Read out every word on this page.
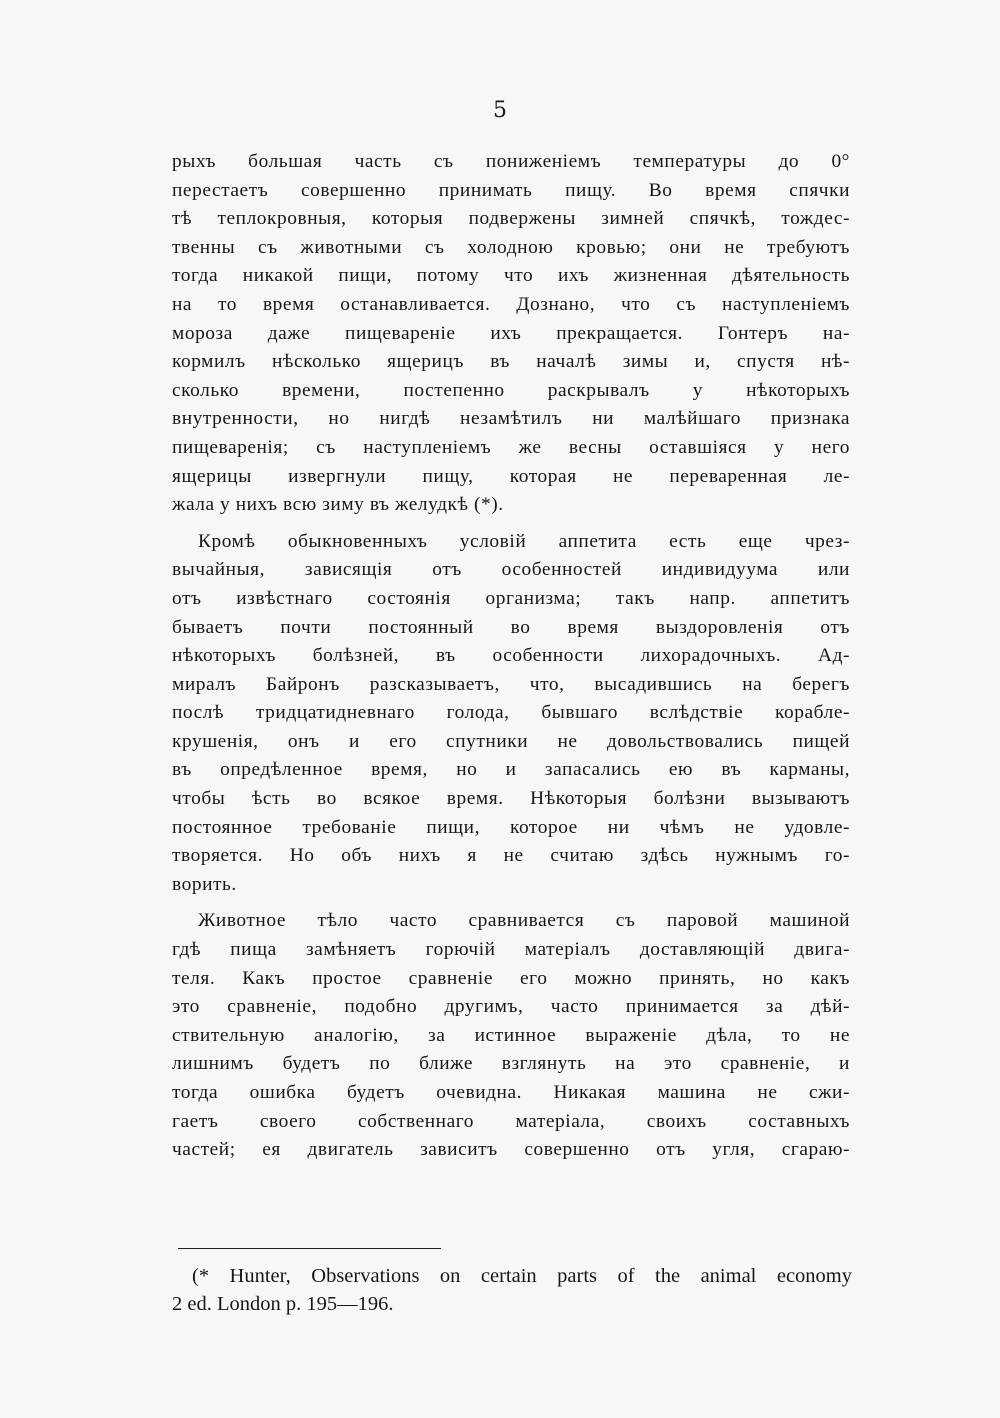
5
рыхъ большая часть съ пониженіемъ температуры до 0°
перестаетъ совершенно принимать пищу. Во время спячки
тѣ теплокровныя, которыя подвержены зимней спячкѣ, тождес-
твенны съ животными съ холодною кровью; они не требуютъ
тогда никакой пищи, потому что ихъ жизненная дѣятельность
на то время останавливается. Дознано, что съ наступленіемъ
мороза даже пищевареніе ихъ прекращается. Гонтеръ на-
кормилъ нѣсколько ящерицъ въ началѣ зимы и, спустя нѣ-
сколько времени, постепенно раскрывалъ у нѣкоторыхъ
внутренности, но нигдѣ незамѣтилъ ни малѣйшаго признака
пищеваренія; съ наступленіемъ же весны оставшіяся у него
ящерицы извергнули пищу, которая не переваренная ле-
жала у нихъ всю зиму въ желудкѣ (*).
Кромѣ обыкновенныхъ условій аппетита есть еще чрез-
вычайныя, зависящія отъ особенностей индивидуума или
отъ извѣстнаго состоянія организма; такъ напр. аппетитъ
бываетъ почти постоянный во время выздоровленія отъ
нѣкоторыхъ болѣзней, въ особенности лихорадочныхъ. Ад-
миралъ Байронъ разсказываетъ, что, высадившись на берегъ
послѣ тридцатидневнаго голода, бывшаго вслѣдствіе корабле-
крушенія, онъ и его спутники не довольствовались пищей
въ опредѣленное время, но и запасались ею въ карманы,
чтобы ѣсть во всякое время. Нѣкоторыя болѣзни вызываютъ
постоянное требованіе пищи, которое ни чѣмъ не удовле-
творяется. Но объ нихъ я не считаю здѣсь нужнымъ го-
ворить.
Животное тѣло часто сравнивается съ паровой машиной
гдѣ пища замѣняетъ горючій матеріалъ доставляющій двига-
теля. Какъ простое сравненіе его можно принять, но какъ
это сравненіе, подобно другимъ, часто принимается за дѣй-
ствительную аналогію, за истинное выраженіе дѣла, то не
лишнимъ будетъ по ближе взглянуть на это сравненіе, и
тогда ошибка будетъ очевидна. Никакая машина не сжи-
гаетъ своего собственнаго матеріала, своихъ составныхъ
частей; ея двигатель зависитъ совершенно отъ угля, сгараю-
(* Hunter, Observations on certain parts of the animal economy
2 ed. London p. 195—196.
